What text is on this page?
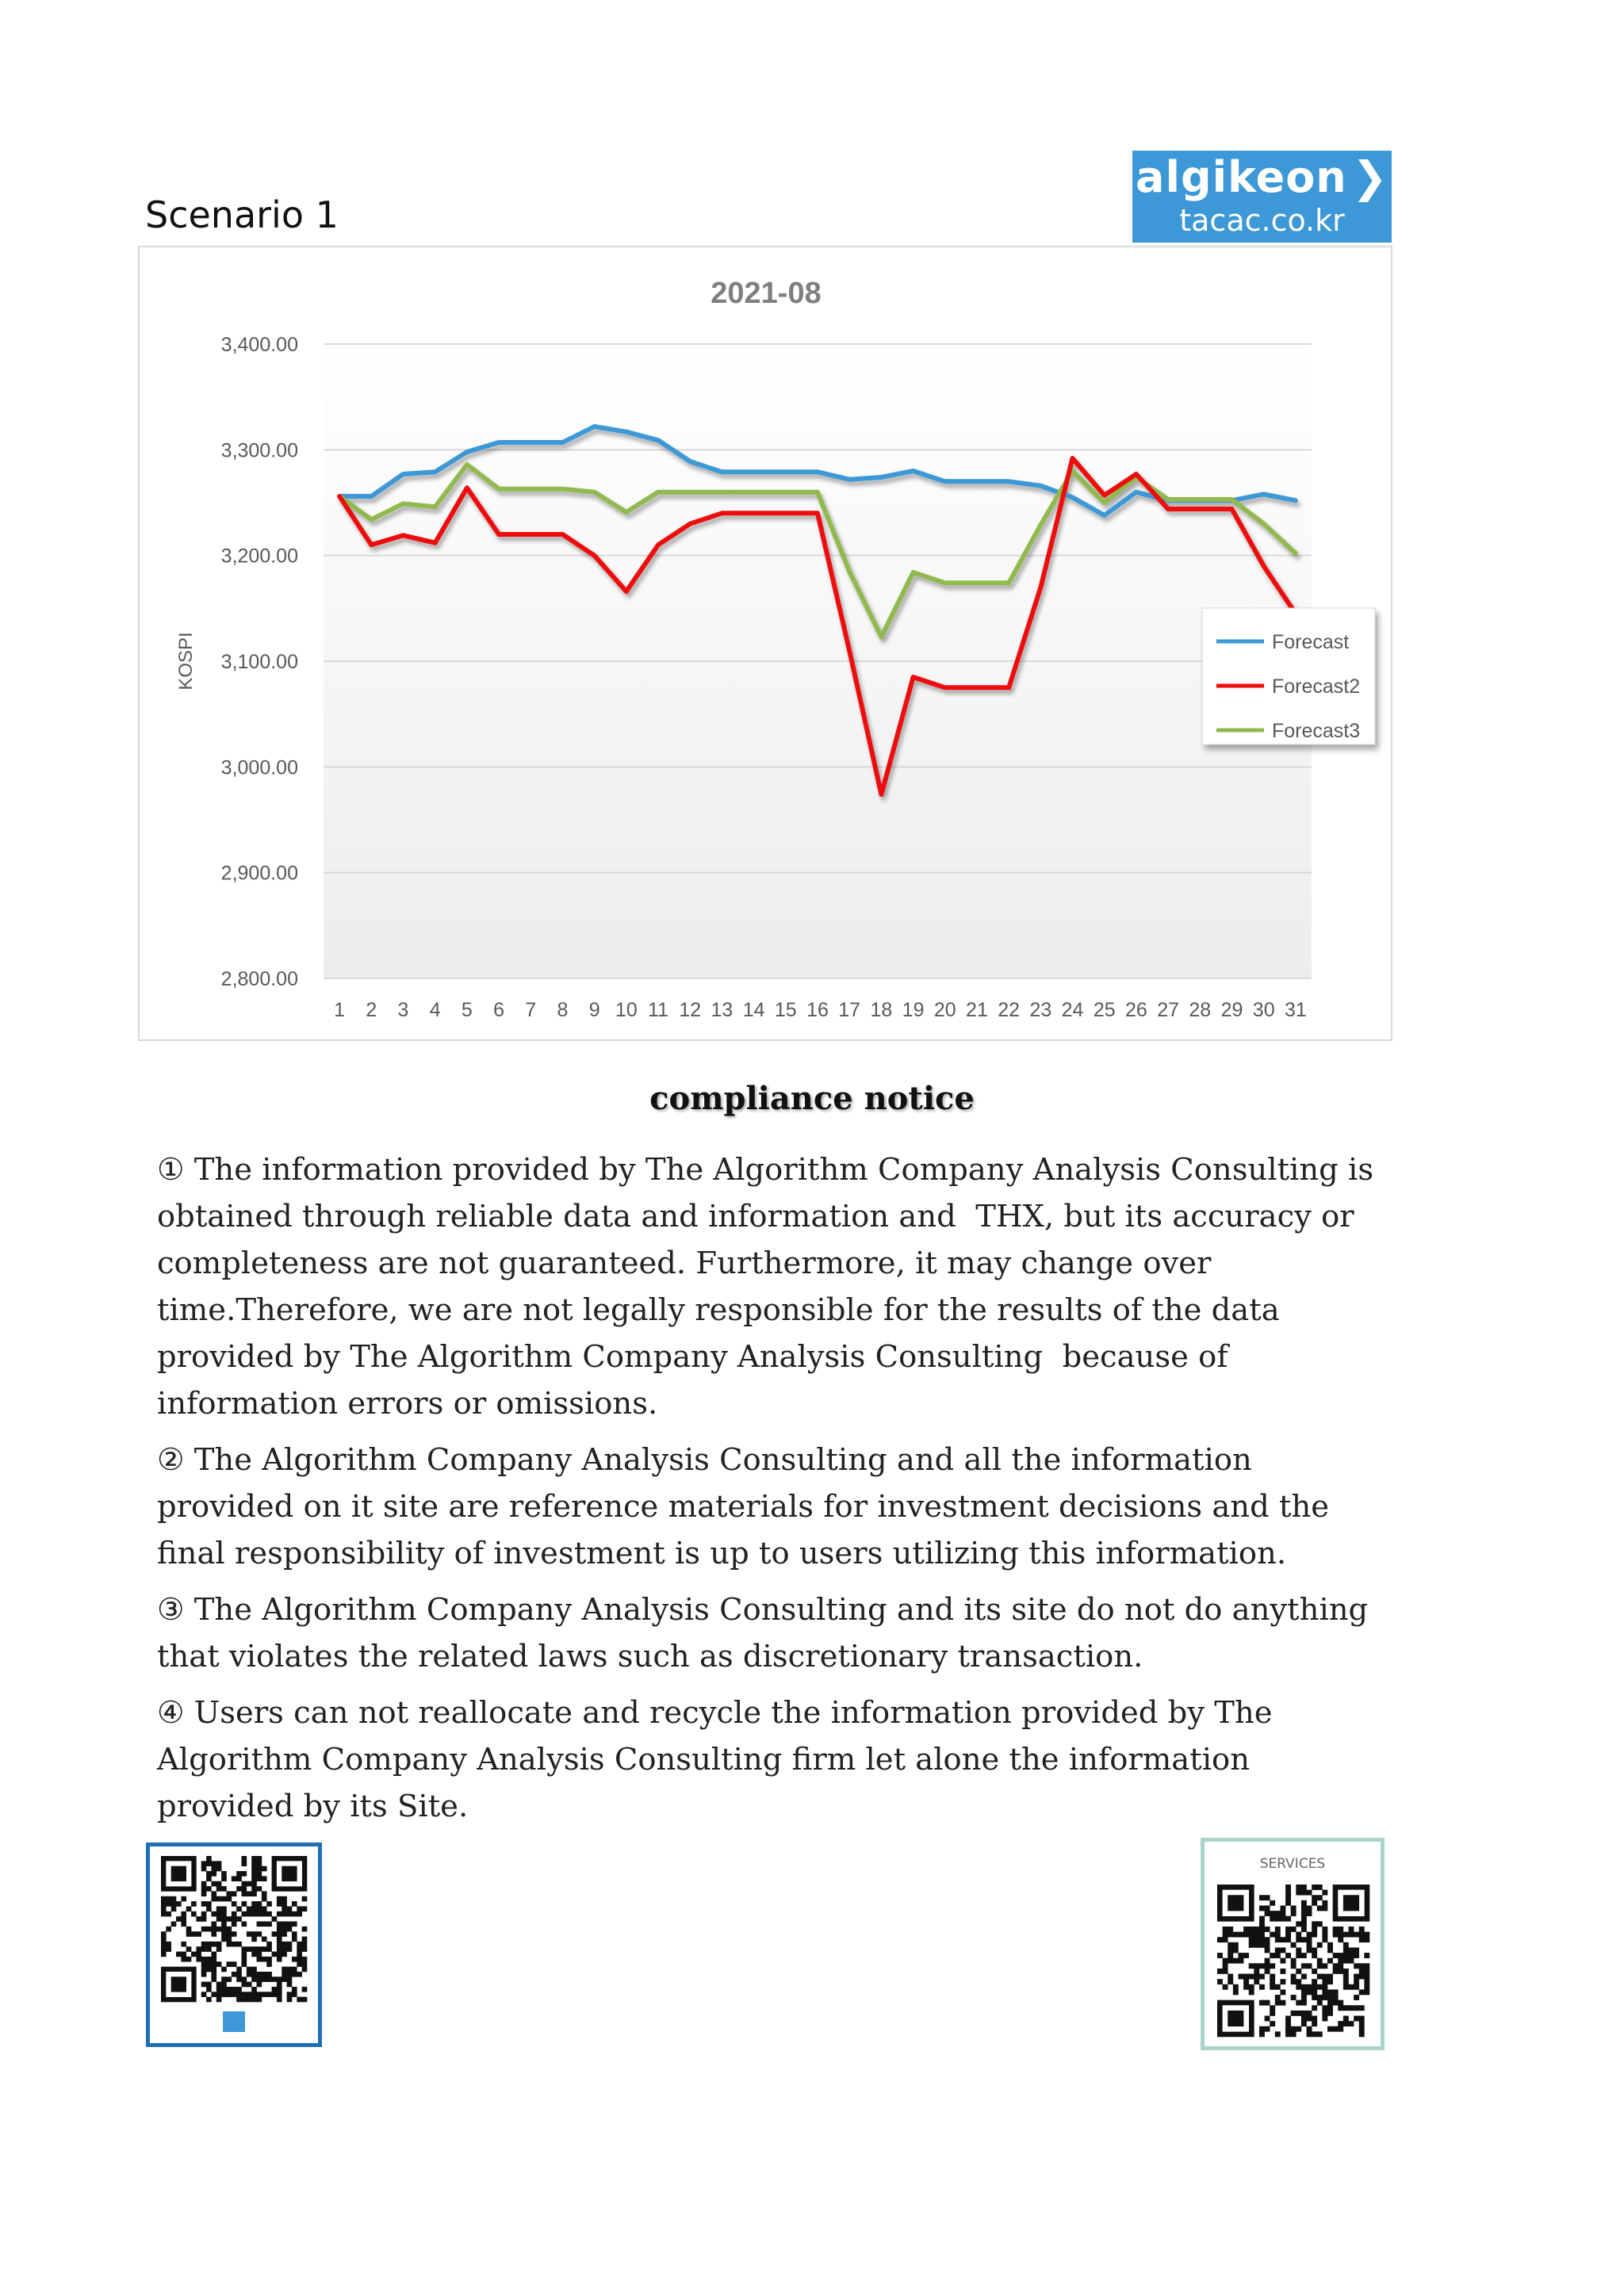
Scenario 1
algikeon ❯
tacac.co.kr
2,800.00
2,900.00
3,000.00
3,100.00
3,200.00
3,300.00
3,400.00
1 2 3 4 5 6 7 8 9 10 11 12 13 14 15 16 17 18 19 20 21 22 23 24 25 26 27 28 29 30 31
2021-08
KOSPI	Forecast
Forecast2
Forecast3
compliance notice

① The information provided by The Algorithm Company Analysis Consulting is obtained through reliable data and information and  THX, but its accuracy or completeness are not guaranteed. Furthermore, it may change over time.Therefore, we are not legally responsible for the results of the data provided by The Algorithm Company Analysis Consulting  because of information errors or omissions.

② The Algorithm Company Analysis Consulting and all the information provided on it site are reference materials for investment decisions and the final responsibility of investment is up to users utilizing this information.

③ The Algorithm Company Analysis Consulting and its site do not do anything that violates the related laws such as discretionary transaction.

④ Users can not reallocate and recycle the information provided by The Algorithm Company Analysis Consulting firm let alone the information provided by its Site.

SERVICES
